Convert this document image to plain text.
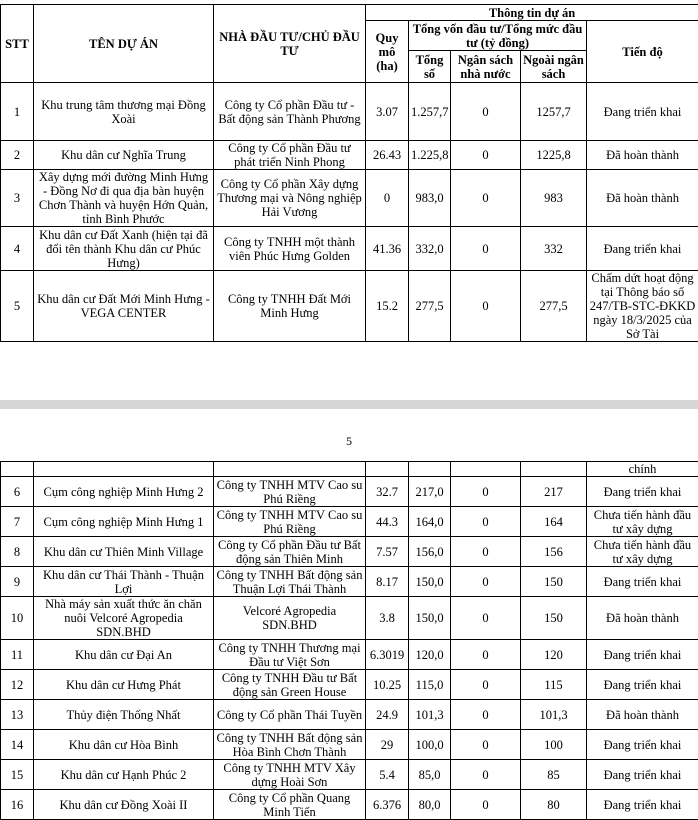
STT	TÊN DỰ ÁN	NHÀ ĐẦU TƯ/CHỦ ĐẦU TƯ	Thông tin dự án				
			Quy mô (ha)	Tổng vốn đầu tư/Tổng mức đầu tư (tỷ đồng)			Tiến độ
				Tổng số	Ngân sách nhà nước	Ngoài ngân sách	
1	Khu trung tâm thương mại Đồng Xoài	Công ty Cổ phần Đầu tư - Bất động sản Thành Phương	3.07	1.257,7	0	1257,7	Đang triển khai
2	Khu dân cư Nghĩa Trung	Công ty Cổ phần Đầu tư phát triển Ninh Phong	26.43	1.225,8	0	1225,8	Đã hoàn thành
3	Xây dựng mới đường Minh Hưng - Đồng Nơ đi qua địa bàn huyện Chơn Thành và huyện Hớn Quản, tỉnh Bình Phước	Công ty Cổ phần Xây dựng Thương mại và Nông nghiệp Hải Vương	0	983,0	0	983	Đã hoàn thành
4	Khu dân cư Đất Xanh (hiện tại đã đổi tên thành Khu dân cư Phúc Hưng)	Công ty TNHH một thành viên Phúc Hưng Golden	41.36	332,0	0	332	Đang triển khai
5	Khu dân cư Đất Mới Minh Hưng - VEGA CENTER	Công ty TNHH Đất Mới Minh Hưng	15.2	277,5	0	277,5	Chấm dứt hoạt động tại Thông báo số 247/TB-STC-ĐKKD ngày 18/3/2025 của Sở Tài
5
							chính
6	Cụm công nghiệp Minh Hưng 2	Công ty TNHH MTV Cao su Phú Riềng	32.7	217,0	0	217	Đang triển khai
7	Cụm công nghiệp Minh Hưng 1	Công ty TNHH MTV Cao su Phú Riềng	44.3	164,0	0	164	Chưa tiến hành đầu tư xây dựng
8	Khu dân cư Thiên Minh Village	Công ty Cổ phần Đầu tư Bất động sản Thiên Minh	7.57	156,0	0	156	Chưa tiến hành đầu tư xây dựng
9	Khu dân cư Thái Thành - Thuận Lợi	Công ty TNHH Bất động sản Thuận Lợi Thái Thành	8.17	150,0	0	150	Đang triển khai
10	Nhà máy sản xuất thức ăn chăn nuôi Velcoré Agropedia SDN.BHD	Velcoré Agropedia SDN.BHD	3.8	150,0	0	150	Đã hoàn thành
11	Khu dân cư Đại An	Công ty TNHH Thương mại Đầu tư Việt Sơn	6.3019	120,0	0	120	Đang triển khai
12	Khu dân cư Hưng Phát	Công ty TNHH Đầu tư Bất động sản Green House	10.25	115,0	0	115	Đang triển khai
13	Thủy điện Thống Nhất	Công ty Cổ phần Thái Tuyền	24.9	101,3	0	101,3	Đã hoàn thành
14	Khu dân cư Hòa Bình	Công ty TNHH Bất động sản Hòa Bình Chơn Thành	29	100,0	0	100	Đang triển khai
15	Khu dân cư Hạnh Phúc 2	Công ty TNHH MTV Xây dựng Hoài Sơn	5.4	85,0	0	85	Đang triển khai
16	Khu dân cư Đồng Xoài II	Công ty Cổ phần Quang Minh Tiến	6.376	80,0	0	80	Đang triển khai
